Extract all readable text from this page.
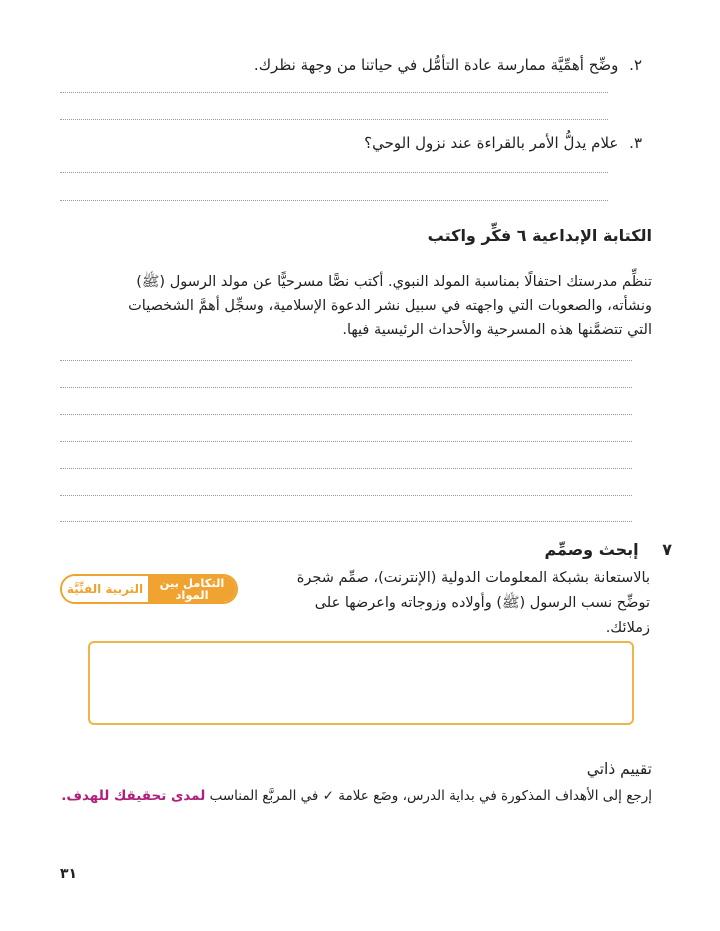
٢. وضِّح أهمِّيَّة ممارسة عادة التأمُّل في حياتنا من وجهة نظرك.
٣. علام يدلُّ الأمر بالقراءة عند نزول الوحي؟
الكتابة الإبداعية ٦ فكِّر واكتب
تنظِّم مدرستك احتفالًا بمناسبة المولد النبوي. أكتب نصًّا مسرحيًّا عن مولد الرسول (ﷺ)
ونشأته، والصعوبات التي واجهته في سبيل نشر الدعوة الإسلامية، وسجِّل أهمَّ الشخصيات
التي تتضمَّنها هذه المسرحية والأحداث الرئيسية فيها.
٧ إبحث وصمِّم
بالاستعانة بشبكة المعلومات الدولية (الإنترنت)، صمِّم شجرة
توضِّح نسب الرسول (ﷺ) وأولاده وزوجاته واعرضها على
زملائك.
التربية الفنِّيَّة	التكامل بين المواد
تقييم ذاتي
إرجع إلى الأهداف المذكورة في بداية الدرس، وضَع علامة ✓ في المربَّع المناسب لمدى تحقيقك للهدف.
٣١
